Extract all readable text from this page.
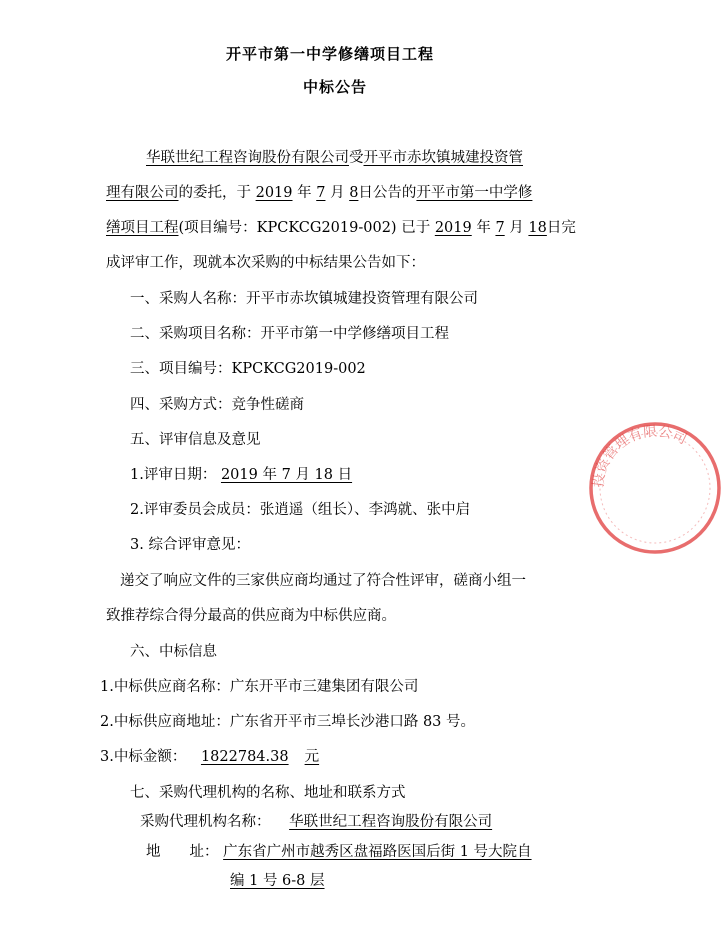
开平市第一中学修缮项目工程
中标公告
华联世纪工程咨询股份有限公司受开平市赤坎镇城建投资管
理有限公司的委托，于 2019 年 7 月 8日公告的开平市第一中学修
缮项目工程(项目编号：KPCKCG2019-002) 已于 2019 年 7 月 18日完
成评审工作，现就本次采购的中标结果公告如下：
一、采购人名称：开平市赤坎镇城建投资管理有限公司
二、采购项目名称：开平市第一中学修缮项目工程
三、项目编号：KPCKCG2019-002
四、采购方式：竞争性磋商
五、评审信息及意见
1.评审日期： 2019 年 7 月 18 日
2.评审委员会成员：张逍遥（组长）、李鸿就、张中启
3. 综合评审意见：
递交了响应文件的三家供应商均通过了符合性评审，磋商小组一
致推荐综合得分最高的供应商为中标供应商。
六、中标信息
1.中标供应商名称：广东开平市三建集团有限公司
2.中标供应商地址：广东省开平市三埠长沙港口路 83 号。
3.中标金额： 1822784.38 元
七、采购代理机构的名称、地址和联系方式
采购代理机构名称： 华联世纪工程咨询股份有限公司
地　　址： 广东省广州市越秀区盘福路医国后街 1 号大院自
编 1 号 6-8 层
投资管理有限公司
